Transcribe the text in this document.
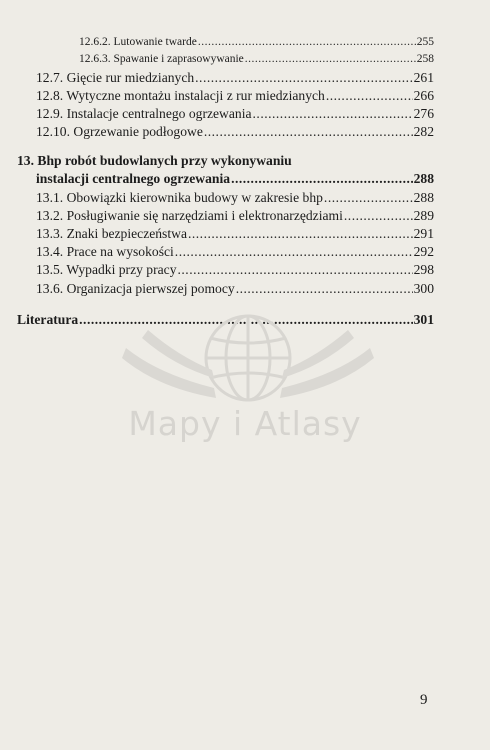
12.6.2. Lutowanie twarde .....	255
12.6.3. Spawanie i zaprasowywanie .....	258
12.7. Gięcie rur miedzianych .....	261
12.8. Wytyczne montażu instalacji z rur miedzianych .....	266
12.9. Instalacje centralnego ogrzewania .....	276
12.10. Ogrzewanie podłogowe .....	282
13. Bhp robót budowlanych przy wykonywaniu
instalacji centralnego ogrzewania .....	288
13.1. Obowiązki kierownika budowy w zakresie bhp .....	288
13.2. Posługiwanie się narzędziami i elektronarzędziami .....	289
13.3. Znaki bezpieczeństwa .....	291
13.4. Prace na wysokości .....	292
13.5. Wypadki przy pracy .....	298
13.6. Organizacja pierwszej pomocy .....	300
Literatura .....	301
Mapy i Atlasy
9
